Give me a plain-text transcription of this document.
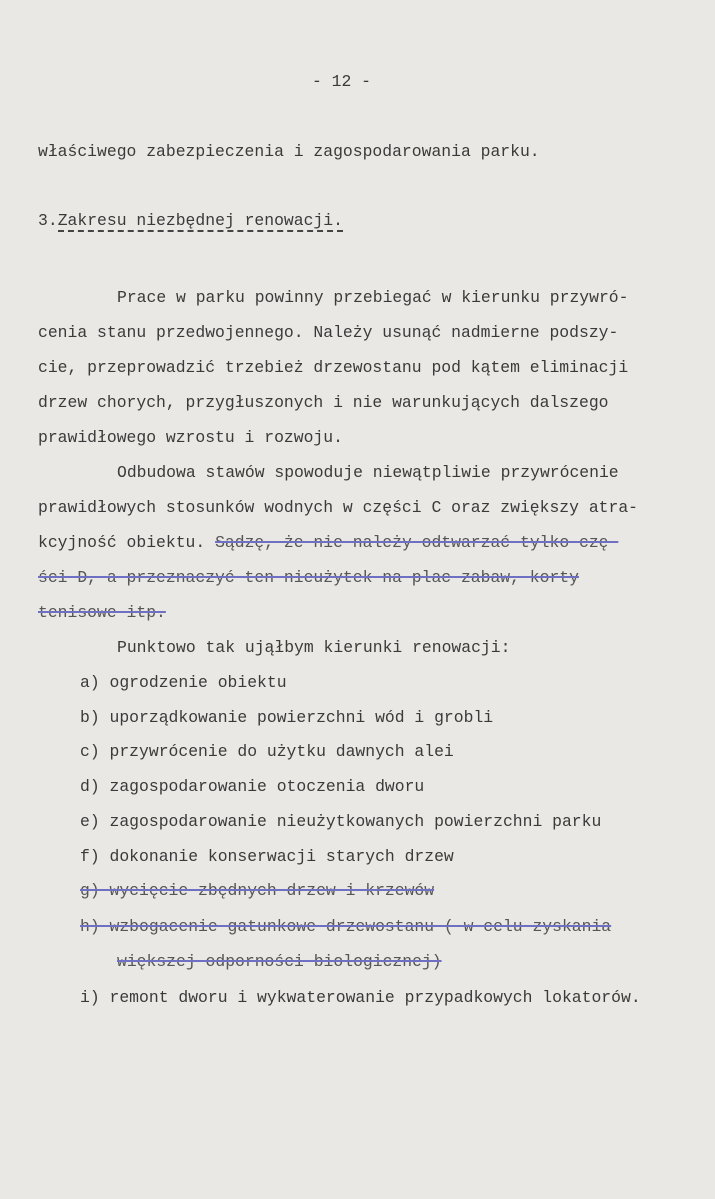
- 12 -
właściwego zabezpieczenia i zagospodarowania parku.
3.Zakresu niezbędnej renowacji.
Prace w parku powinny przebiegać w kierunku przywró-
cenia stanu przedwojennego. Należy usunąć nadmierne podszy-
cie, przeprowadzić trzebież drzewostanu pod kątem eliminacji
drzew chorych, przygłuszonych i nie warunkujących dalszego
prawidłowego wzrostu i rozwoju.
Odbudowa stawów spowoduje niewątpliwie przywrócenie
prawidłowych stosunków wodnych w części C oraz zwiększy atra-
kcyjność obiektu. Sądzę, że nie należy odtwarzać tylko czę-
ści D, a przeznaczyć ten nieużytek na plac zabaw, korty
tenisowe itp.
Punktowo tak ująłbym kierunki renowacji:
a) ogrodzenie obiektu
b) uporządkowanie powierzchni wód i grobli
c) przywrócenie do użytku dawnych alei
d) zagospodarowanie otoczenia dworu
e) zagospodarowanie nieużytkowanych powierzchni parku
f) dokonanie konserwacji starych drzew
g) wycięcie zbędnych drzew i krzewów
h) wzbogacenie gatunkowe drzewostanu ( w celu zyskania
większej odporności biologicznej)
i) remont dworu i wykwaterowanie przypadkowych lokatorów.
